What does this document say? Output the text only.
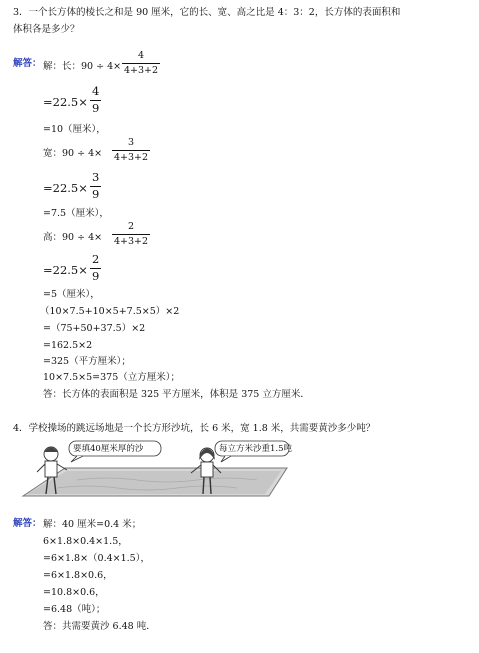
3．一个长方体的棱长之和是 90 厘米，它的长、宽、高之比是 4：3：2，长方体的表面积和
体积各是多少？
解答： 解：长：$90 \div 4\times \frac{4}{4+3+2}$
$=22.5\times \frac{4}{9}$
=10（厘米），
宽：$90 \div 4\times \frac{3}{4+3+2}$
$=22.5\times \frac{3}{9}$
=7.5（厘米），
高：$90 \div 4\times \frac{2}{4+3+2}$
$=22.5\times \frac{2}{9}$
=5（厘米），
（10×7.5+10×5+7.5×5）×2
=（75+50+37.5）×2
=162.5×2
=325（平方厘米）；
10×7.5×5=375（立方厘米）；
答：长方体的表面积是 325 平方厘米，体积是 375 立方厘米．
4．学校操场的跳远场地是一个长方形沙坑，长 6 米，宽 1.8 米，共需要黄沙多少吨？
要填40厘米厚的沙	每立方米沙重1.5吨
解答： 解：40 厘米=0.4 米；
6×1.8×0.4×1.5，
=6×1.8×（0.4×1.5），
=6×1.8×0.6，
=10.8×0.6，
=6.48（吨）；
答：共需要黄沙 6.48 吨．
